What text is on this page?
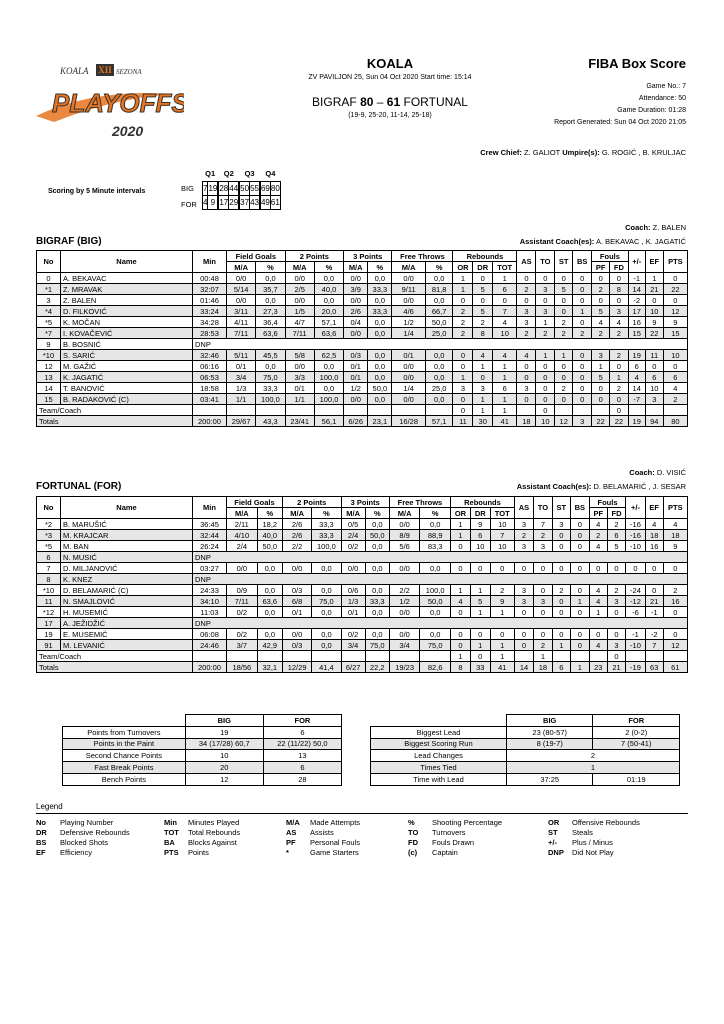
KOALA XII SEZONA
PLAYOFFS
2020
KOALA
ZV PAVILJON 25, Sun 04 Oct 2020 Start time: 15:14
BIGRAF 80 – 61 FORTUNAL
(19-9, 25-20, 11-14, 25-18)
FIBA Box Score
Game No.: 7
Attendance: 50
Game Duration: 01:28
Report Generated: Sun 04 Oct 2020 21:05
Crew Chief: Z. GALIOT Umpire(s): G. ROGIĆ , B. KRULJAC
Scoring by 5 Minute intervals	BIG
FOR
Q1		Q2		Q3		Q4	
7	19		28	44		50	55		69	80
4	9		17	29		37	43		49	61
Coach: Z. BALEN
Assistant Coach(es): A. BEKAVAC , K. JAGATIĆ
BIGRAF (BIG)
No	Name	Min	Field Goals		2 Points		3 Points		Free Throws		Rebounds			AS	TO	ST	BS	Fouls		+/-	EF	PTS
			M/A	%	M/A	%	M/A	%	M/A	%	OR	DR	TOT					PF	FD			
0	A. BEKAVAC	00:48	0/0	0,0	0/0	0,0	0/0	0,0	0/0	0,0	1	0	1	0	0	0	0	0	0	-1	1	0
*1	Z. MRAVAK	32:07	5/14	35,7	2/5	40,0	3/9	33,3	9/11	81,8	1	5	6	2	3	5	0	2	8	14	21	22
3	Z. BALEN	01:46	0/0	0,0	0/0	0,0	0/0	0,0	0/0	0,0	0	0	0	0	0	0	0	0	0	-2	0	0
*4	D. FILKOVIĆ	33:24	3/11	27,3	1/5	20,0	2/6	33,3	4/6	66,7	2	5	7	3	3	0	1	5	3	17	10	12
*5	K. MOČAN	34:28	4/11	36,4	4/7	57,1	0/4	0,0	1/2	50,0	2	2	4	3	1	2	0	4	4	16	9	9
*7	I. KOVAČEVIĆ	28:53	7/11	63,6	7/11	63,6	0/0	0,0	1/4	25,0	2	8	10	2	2	2	2	2	2	15	22	15
9	B. BOSNIĆ	DNP																				
*10	S. SARIĆ	32:46	5/11	45,5	5/8	62,5	0/3	0,0	0/1	0,0	0	4	4	4	1	1	0	3	2	19	11	10
12	M. GAŽIĆ	06:16	0/1	0,0	0/0	0,0	0/1	0,0	0/0	0,0	0	1	1	0	0	0	0	1	0	6	0	0
13	K. JAGATIĆ	06:53	3/4	75,0	3/3	100,0	0/1	0,0	0/0	0,0	1	0	1	0	0	0	0	5	1	4	6	6
14	T. BANOVIĆ	18:58	1/3	33,3	0/1	0,0	1/2	50,0	1/4	25,0	3	3	6	3	0	2	0	0	2	14	10	4
15	B. RADAKOVIĆ (C)	03:41	1/1	100,0	1/1	100,0	0/0	0,0	0/0	0,0	0	1	1	0	0	0	0	0	0	-7	3	2
Team/Coach											0	1	1		0				0			
Totals		200:00	29/67	43,3	23/41	56,1	6/26	23,1	16/28	57,1	11	30	41	18	10	12	3	22	22	19	94	80
Coach: D. VISIĆ
Assistant Coach(es): D. BELAMARIĆ , J. SESAR
FORTUNAL (FOR)
No	Name	Min	Field Goals		2 Points		3 Points		Free Throws		Rebounds			AS	TO	ST	BS	Fouls		+/-	EF	PTS
			M/A	%	M/A	%	M/A	%	M/A	%	OR	DR	TOT					PF	FD			
*2	B. MARUŠIĆ	36:45	2/11	18,2	2/6	33,3	0/5	0,0	0/0	0,0	1	9	10	3	7	3	0	4	2	-16	4	4
*3	M. KRAJCAR	32:44	4/10	40,0	2/6	33,3	2/4	50,0	8/9	88,9	1	6	7	2	2	0	0	2	6	-16	18	18
*5	M. BAN	26:24	2/4	50,0	2/2	100,0	0/2	0,0	5/6	83,3	0	10	10	3	3	0	0	4	5	-10	16	9
6	N. MUSIĆ	DNP																				
7	D. MILJANOVIĆ	03:27	0/0	0,0	0/0	0,0	0/0	0,0	0/0	0,0	0	0	0	0	0	0	0	0	0	0	0	0
8	K. KNEZ	DNP																				
*10	D. BELAMARIĆ (C)	24:33	0/9	0,0	0/3	0,0	0/6	0,0	2/2	100,0	1	1	2	3	0	2	0	4	2	-24	0	2
11	N. SMAJLOVIĆ	34:10	7/11	63,6	6/8	75,0	1/3	33,3	1/2	50,0	4	5	9	3	3	0	1	4	3	-12	21	16
*12	H. MUSEMIĆ	11:03	0/2	0,0	0/1	0,0	0/1	0,0	0/0	0,0	0	1	1	0	0	0	0	1	0	-6	-1	0
17	A. JEŽIDŽIĆ	DNP																				
19	E. MUSEMIĆ	06:08	0/2	0,0	0/0	0,0	0/2	0,0	0/0	0,0	0	0	0	0	0	0	0	0	0	-1	-2	0
91	M. LEVANIĆ	24:46	3/7	42,9	0/3	0,0	3/4	75,0	3/4	75,0	0	1	1	0	2	1	0	4	3	-10	7	12
Team/Coach											1	0	1		1				0			
Totals		200:00	18/56	32,1	12/29	41,4	6/27	22,2	19/23	82,6	8	33	41	14	18	6	1	23	21	-19	63	61
	BIG	FOR
Points from Turnovers	19	6
Points in the Paint	34 (17/28) 60,7	22 (11/22) 50,0
Second Chance Points	10	13
Fast Break Points	20	6
Bench Points	12	28
	BIG	FOR
Biggest Lead	23 (80-57)	2 (0-2)
Biggest Scoring Run	8 (19-7)	7 (50-41)
Lead Changes	2	
Times Tied	1	
Time with Lead	37:25	01:19
Legend
No	Playing Number	Min	Minutes Played	M/A	Made Attempts	%	Shooting Percentage	OR	Offensive Rebounds
DR	Defensive Rebounds	TOT	Total Rebounds	AS	Assists	TO	Turnovers	ST	Steals
BS	Blocked Shots	BA	Blocks Against	PF	Personal Fouls	FD	Fouls Drawn	+/-	Plus / Minus
EF	Efficiency	PTS	Points	*	Game Starters	(c)	Captain	DNP	Did Not Play
